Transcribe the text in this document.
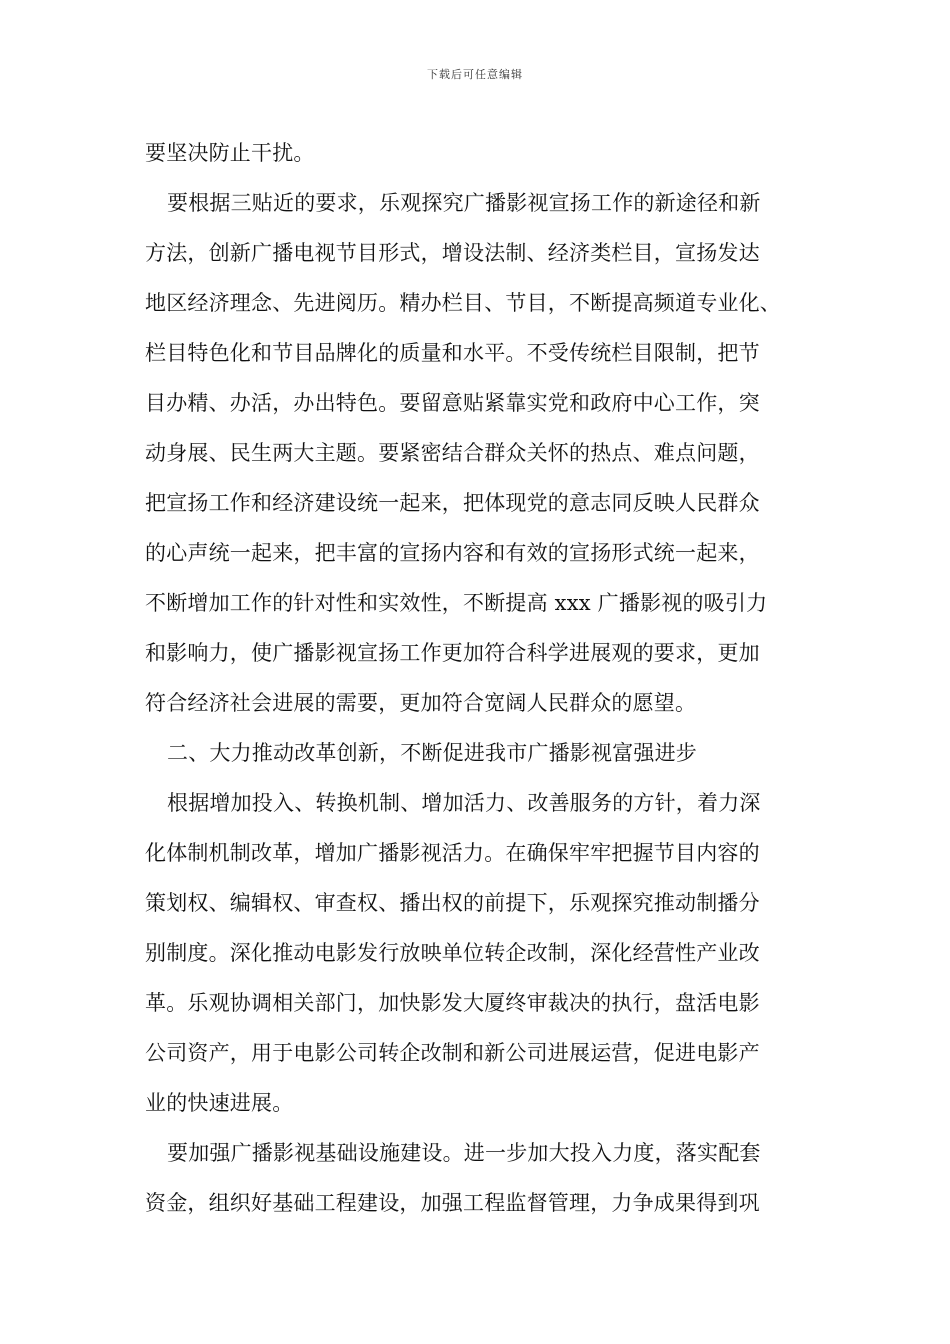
下载后可任意编辑
要坚决防止干扰。
要根据三贴近的要求，乐观探究广播影视宣扬工作的新途径和新
方法，创新广播电视节目形式，增设法制、经济类栏目，宣扬发达
地区经济理念、先进阅历。精办栏目、节目，不断提高频道专业化、
栏目特色化和节目品牌化的质量和水平。不受传统栏目限制，把节
目办精、办活，办出特色。要留意贴紧靠实党和政府中心工作，突
动身展、民生两大主题。要紧密结合群众关怀的热点、难点问题，
把宣扬工作和经济建设统一起来，把体现党的意志同反映人民群众
的心声统一起来，把丰富的宣扬内容和有效的宣扬形式统一起来，
不断增加工作的针对性和实效性，不断提高 xxx 广播影视的吸引力
和影响力，使广播影视宣扬工作更加符合科学进展观的要求，更加
符合经济社会进展的需要，更加符合宽阔人民群众的愿望。
二、大力推动改革创新，不断促进我市广播影视富强进步
根据增加投入、转换机制、增加活力、改善服务的方针，着力深
化体制机制改革，增加广播影视活力。在确保牢牢把握节目内容的
策划权、编辑权、审查权、播出权的前提下，乐观探究推动制播分
别制度。深化推动电影发行放映单位转企改制，深化经营性产业改
革。乐观协调相关部门，加快影发大厦终审裁决的执行，盘活电影
公司资产，用于电影公司转企改制和新公司进展运营，促进电影产
业的快速进展。
要加强广播影视基础设施建设。进一步加大投入力度，落实配套
资金，组织好基础工程建设，加强工程监督管理，力争成果得到巩
